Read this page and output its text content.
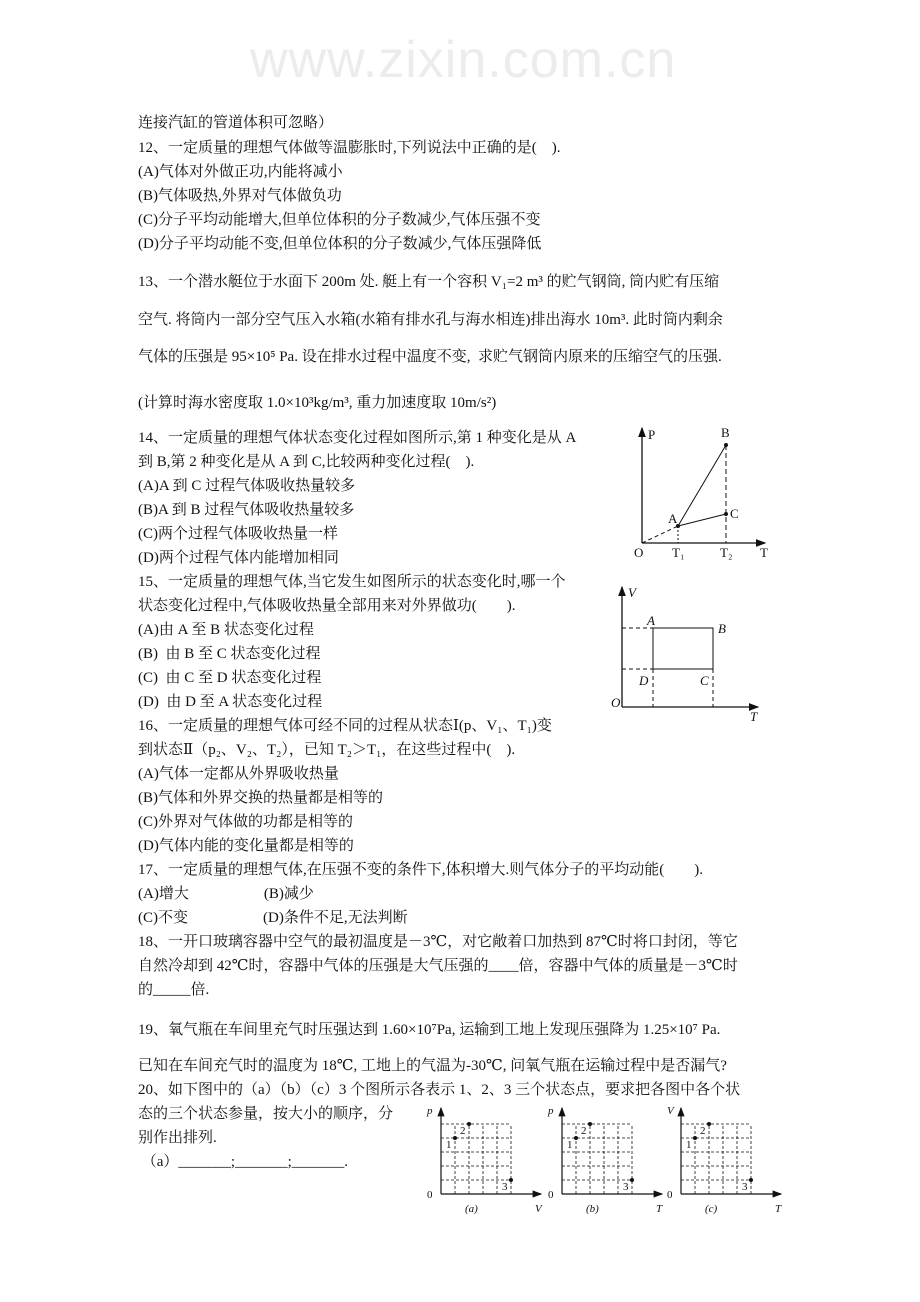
www.zixin.com.cn
连接汽缸的管道体积可忽略）
12、一定质量的理想气体做等温膨胀时,下列说法中正确的是(    ).
(A)气体对外做正功,内能将减小
(B)气体吸热,外界对气体做负功
(C)分子平均动能增大,但单位体积的分子数减少,气体压强不变
(D)分子平均动能不变,但单位体积的分子数减少,气体压强降低
13、一个潜水艇位于水面下 200m 处. 艇上有一个容积 V₁=2 m³ 的贮气钢筒, 筒内贮有压缩
空气. 将筒内一部分空气压入水箱(水箱有排水孔与海水相连)排出海水 10m³. 此时筒内剩余
气体的压强是 95×10⁵ Pa. 设在排水过程中温度不变,  求贮气钢筒内原来的压缩空气的压强.
(计算时海水密度取 1.0×10³kg/m³, 重力加速度取 10m/s²)
14、一定质量的理想气体状态变化过程如图所示,第 1 种变化是从 A
到 B,第 2 种变化是从 A 到 C,比较两种变化过程(    ).
(A)A 到 C 过程气体吸收热量较多
(B)A 到 B 过程气体吸收热量较多
(C)两个过程气体吸收热量一样
(D)两个过程气体内能增加相同
15、一定质量的理想气体,当它发生如图所示的状态变化时,哪一个
状态变化过程中,气体吸收热量全部用来对外界做功(        ).
(A)由 A 至 B 状态变化过程
(B)  由 B 至 C 状态变化过程
(C)  由 C 至 D 状态变化过程
(D)  由 D 至 A 状态变化过程
16、一定质量的理想气体可经不同的过程从状态Ⅰ(p、V₁、T₁)变
到状态Ⅱ（p₂、V₂、T₂），已知 T₂＞T₁，在这些过程中(    ).
(A)气体一定都从外界吸收热量
(B)气体和外界交换的热量都是相等的
(C)外界对气体做的功都是相等的
(D)气体内能的变化量都是相等的
17、一定质量的理想气体,在压强不变的条件下,体积增大.则气体分子的平均动能(        ).
(A)增大                    (B)减少
(C)不变                    (D)条件不足,无法判断
18、一开口玻璃容器中空气的最初温度是－3℃，对它敞着口加热到 87℃时将口封闭，等它
自然冷却到 42℃时，容器中气体的压强是大气压强的____倍，容器中气体的质量是－3℃时
的_____倍.
19、氧气瓶在车间里充气时压强达到 1.60×10⁷Pa, 运输到工地上发现压强降为 1.25×10⁷ Pa.
已知在车间充气时的温度为 18℃, 工地上的气温为-30℃, 问氧气瓶在运输过程中是否漏气?
20、如下图中的（a）（b）（c）3 个图所示各表示 1、2、3 三个状态点，要求把各图中各个状
态的三个状态参量，按大小的顺序，分
别作出排列.
（a）_______;_______;_______.
P
T
O
A
B
C
T₁	T₂
V
T
O
A
B
C
D
1
2
3
p
V
0
(a)
1
2
3
p
T
0
(b)
1
2
3
V
T
0
(c)
